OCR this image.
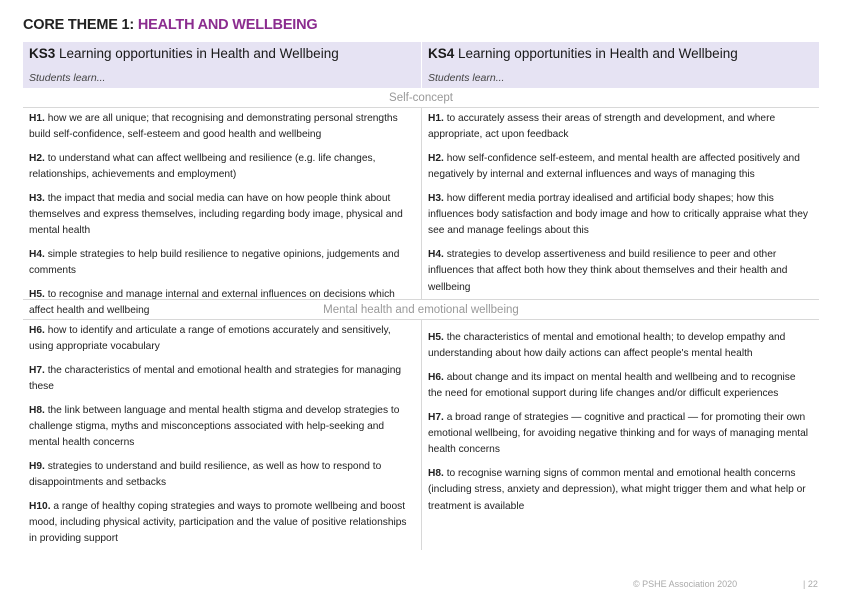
CORE THEME 1: HEALTH AND WELLBEING
KS3 Learning opportunities in Health and Wellbeing
Students learn...
KS4 Learning opportunities in Health and Wellbeing
Students learn...
Self-concept
H1. how we are all unique; that recognising and demonstrating personal strengths build self-confidence, self-esteem and good health and wellbeing
H2. to understand what can affect wellbeing and resilience (e.g. life changes, relationships, achievements and employment)
H3. the impact that media and social media can have on how people think about themselves and express themselves, including regarding body image, physical and mental health
H4. simple strategies to help build resilience to negative opinions, judgements and comments
H5. to recognise and manage internal and external influences on decisions which affect health and wellbeing
H1. to accurately assess their areas of strength and development, and where appropriate, act upon feedback
H2. how self-confidence self-esteem, and mental health are affected positively and negatively by internal and external influences and ways of managing this
H3. how different media portray idealised and artificial body shapes; how this influences body satisfaction and body image and how to critically appraise what they see and manage feelings about this
H4. strategies to develop assertiveness and build resilience to peer and other influences that affect both how they think about themselves and their health and wellbeing
Mental health and emotional wellbeing
H6. how to identify and articulate a range of emotions accurately and sensitively, using appropriate vocabulary
H7. the characteristics of mental and emotional health and strategies for managing these
H8. the link between language and mental health stigma and develop strategies to challenge stigma, myths and misconceptions associated with help-seeking and mental health concerns
H9. strategies to understand and build resilience, as well as how to respond to disappointments and setbacks
H10. a range of healthy coping strategies and ways to promote wellbeing and boost mood, including physical activity, participation and the value of positive relationships in providing support
H5. the characteristics of mental and emotional health; to develop empathy and understanding about how daily actions can affect people's mental health
H6. about change and its impact on mental health and wellbeing and to recognise the need for emotional support during life changes and/or difficult experiences
H7. a broad range of strategies — cognitive and practical — for promoting their own emotional wellbeing, for avoiding negative thinking and for ways of managing mental health concerns
H8. to recognise warning signs of common mental and emotional health concerns (including stress, anxiety and depression), what might trigger them and what help or treatment is available
© PSHE Association 2020	| 22
